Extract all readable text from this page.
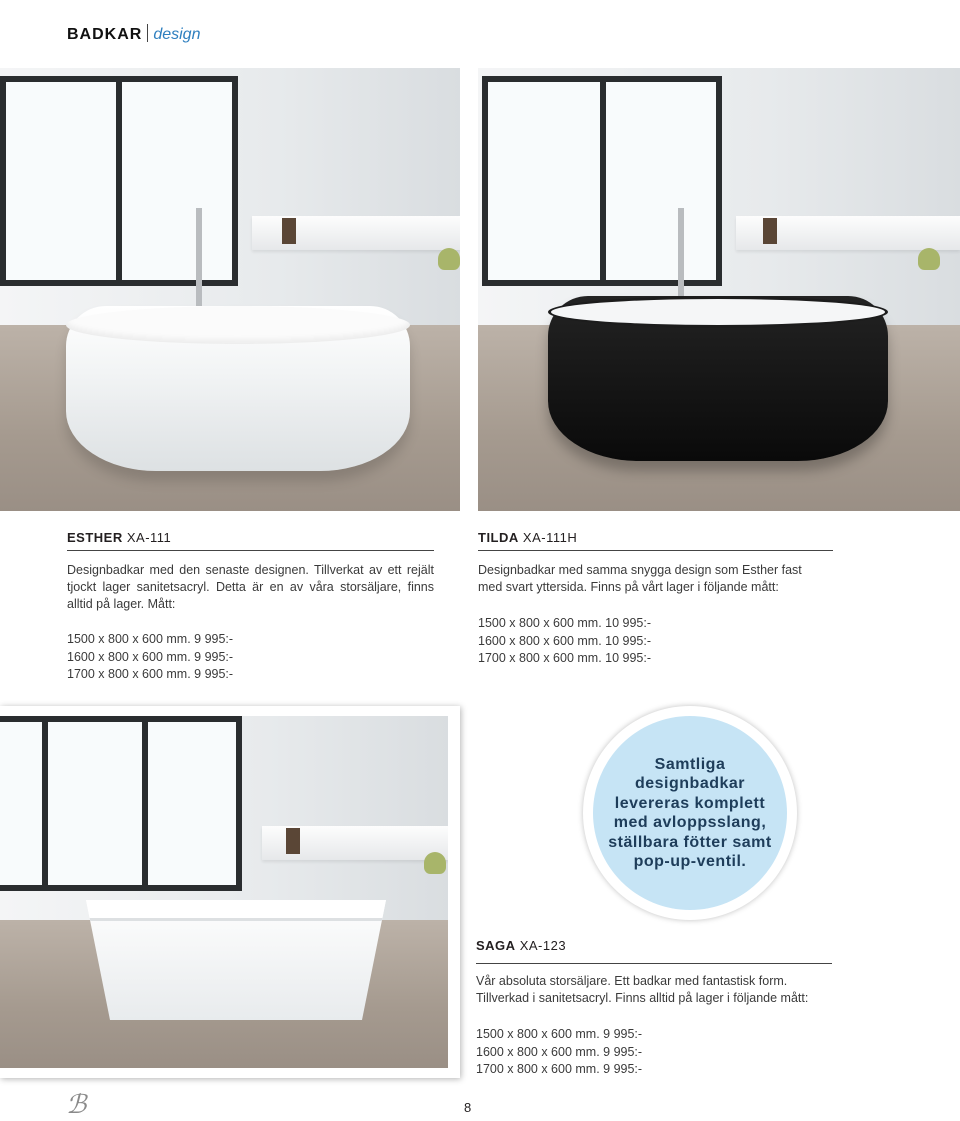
BADKAR design
ESTHER XA-111
Designbadkar med den senaste designen. Tillverkat av ett rejält tjockt lager sanitetsacryl. Detta är en av våra storsäljare, finns alltid på lager. Mått:
1500 x 800 x 600 mm. 9 995:-
1600 x 800 x 600 mm. 9 995:-
1700 x 800 x 600 mm. 9 995:-
TILDA XA-111H
Designbadkar med samma snygga design som Esther fast med svart yttersida. Finns på vårt lager i följande mått:
1500 x 800 x 600 mm. 10 995:-
1600 x 800 x 600 mm. 10 995:-
1700 x 800 x 600 mm. 10 995:-
Samtliga designbadkar levereras komplett med avloppsslang, ställbara fötter samt pop-up-ventil.
SAGA XA-123
Vår absoluta storsäljare. Ett badkar med fantastisk form.
Tillverkad i sanitetsacryl. Finns alltid på lager i följande mått:
1500 x 800 x 600 mm. 9 995:-
1600 x 800 x 600 mm. 9 995:-
1700 x 800 x 600 mm. 9 995:-
ℬ	8
